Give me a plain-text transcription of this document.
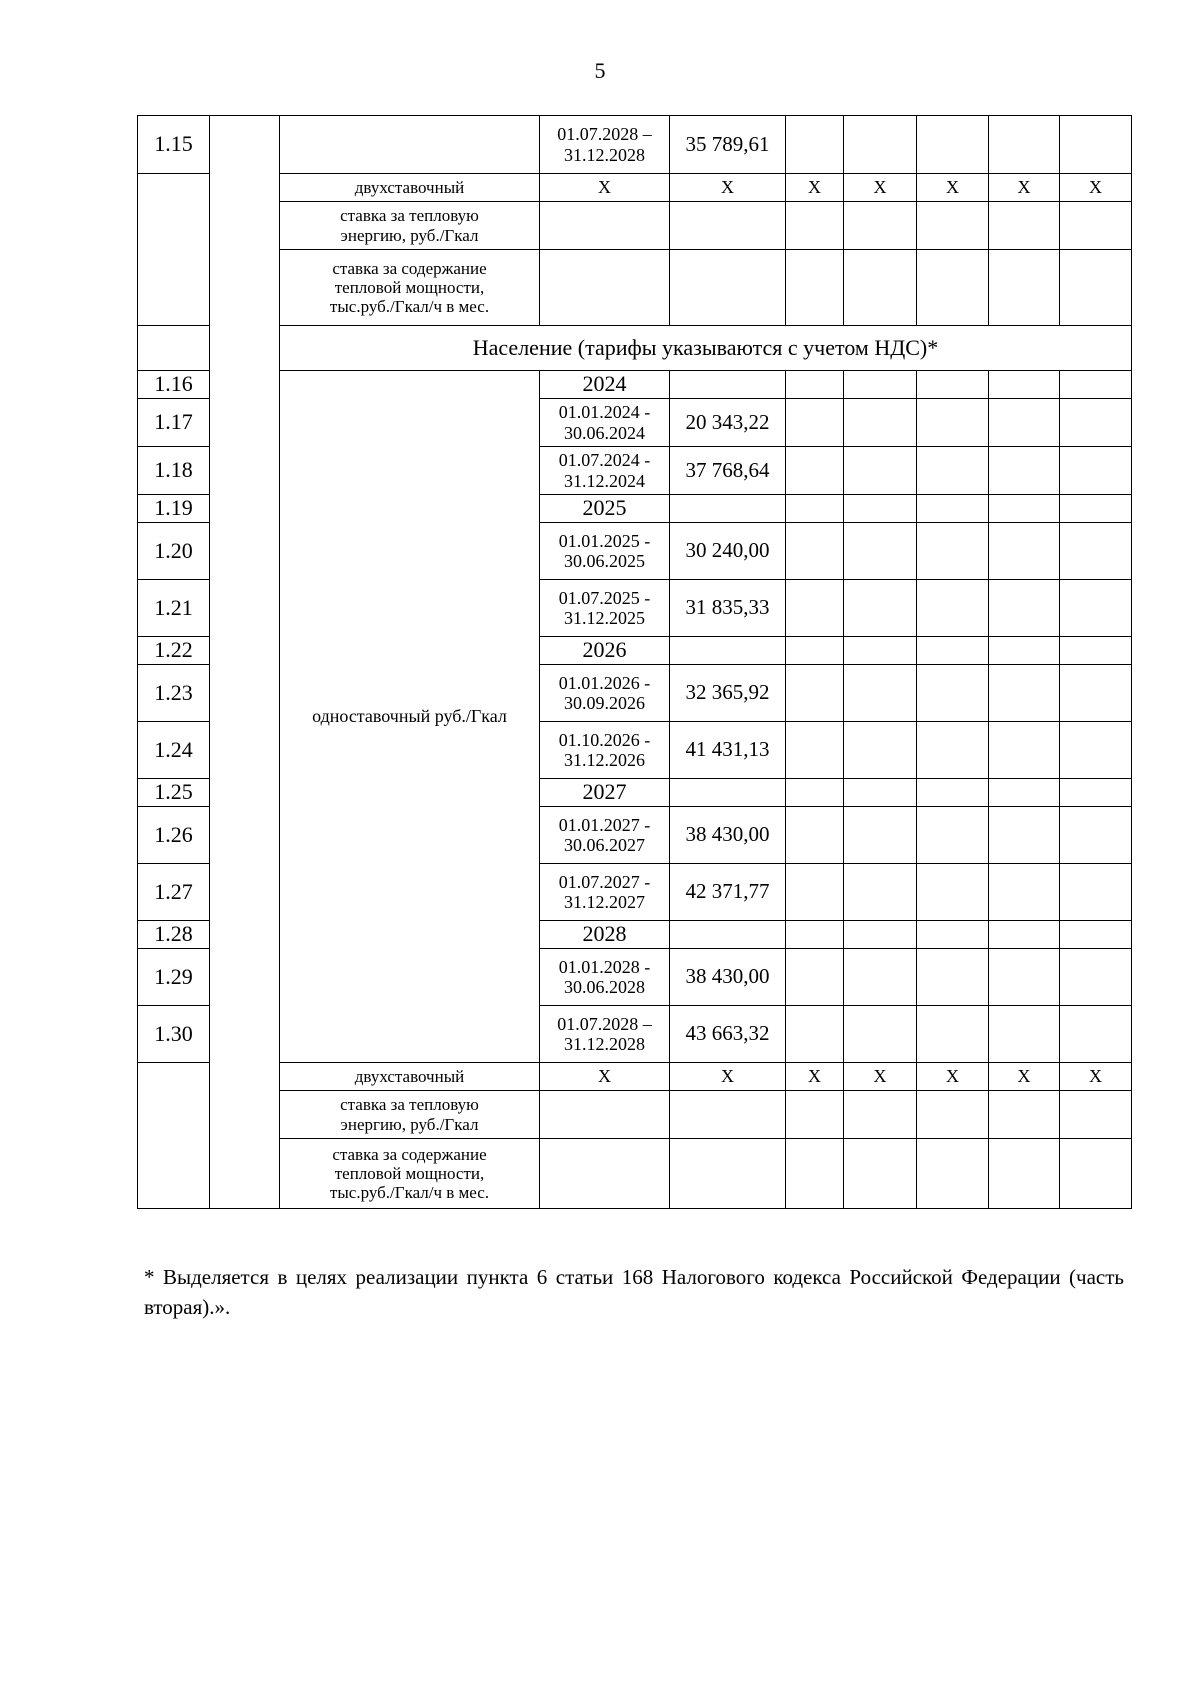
5
1.15			01.07.2028 –
31.12.2028	35 789,61					
		двухставочный	X	X	X	X	X	X	X
		ставка за тепловую
энергию, руб./Гкал							
		ставка за содержание
тепловой мощности,
тыс.руб./Гкал/ч в мес.							
		Население (тарифы указываются с учетом НДС)*							
1.16		одноставочный руб./Гкал	2024						
1.17			01.01.2024 -
30.06.2024	20 343,22					
1.18			01.07.2024 -
31.12.2024	37 768,64					
1.19			2025						
1.20			01.01.2025 -
30.06.2025	30 240,00					
1.21			01.07.2025 -
31.12.2025	31 835,33					
1.22			2026						
1.23			01.01.2026 -
30.09.2026	32 365,92					
1.24			01.10.2026 -
31.12.2026	41 431,13					
1.25			2027						
1.26			01.01.2027 -
30.06.2027	38 430,00					
1.27			01.07.2027 -
31.12.2027	42 371,77					
1.28			2028						
1.29			01.01.2028 -
30.06.2028	38 430,00					
1.30			01.07.2028 –
31.12.2028	43 663,32					
		двухставочный	X	X	X	X	X	X	X
		ставка за тепловую
энергию, руб./Гкал							
		ставка за содержание
тепловой мощности,
тыс.руб./Гкал/ч в мес.							
* Выделяется в целях реализации пункта 6 статьи 168 Налогового кодекса Российской Федерации (часть вторая).».
